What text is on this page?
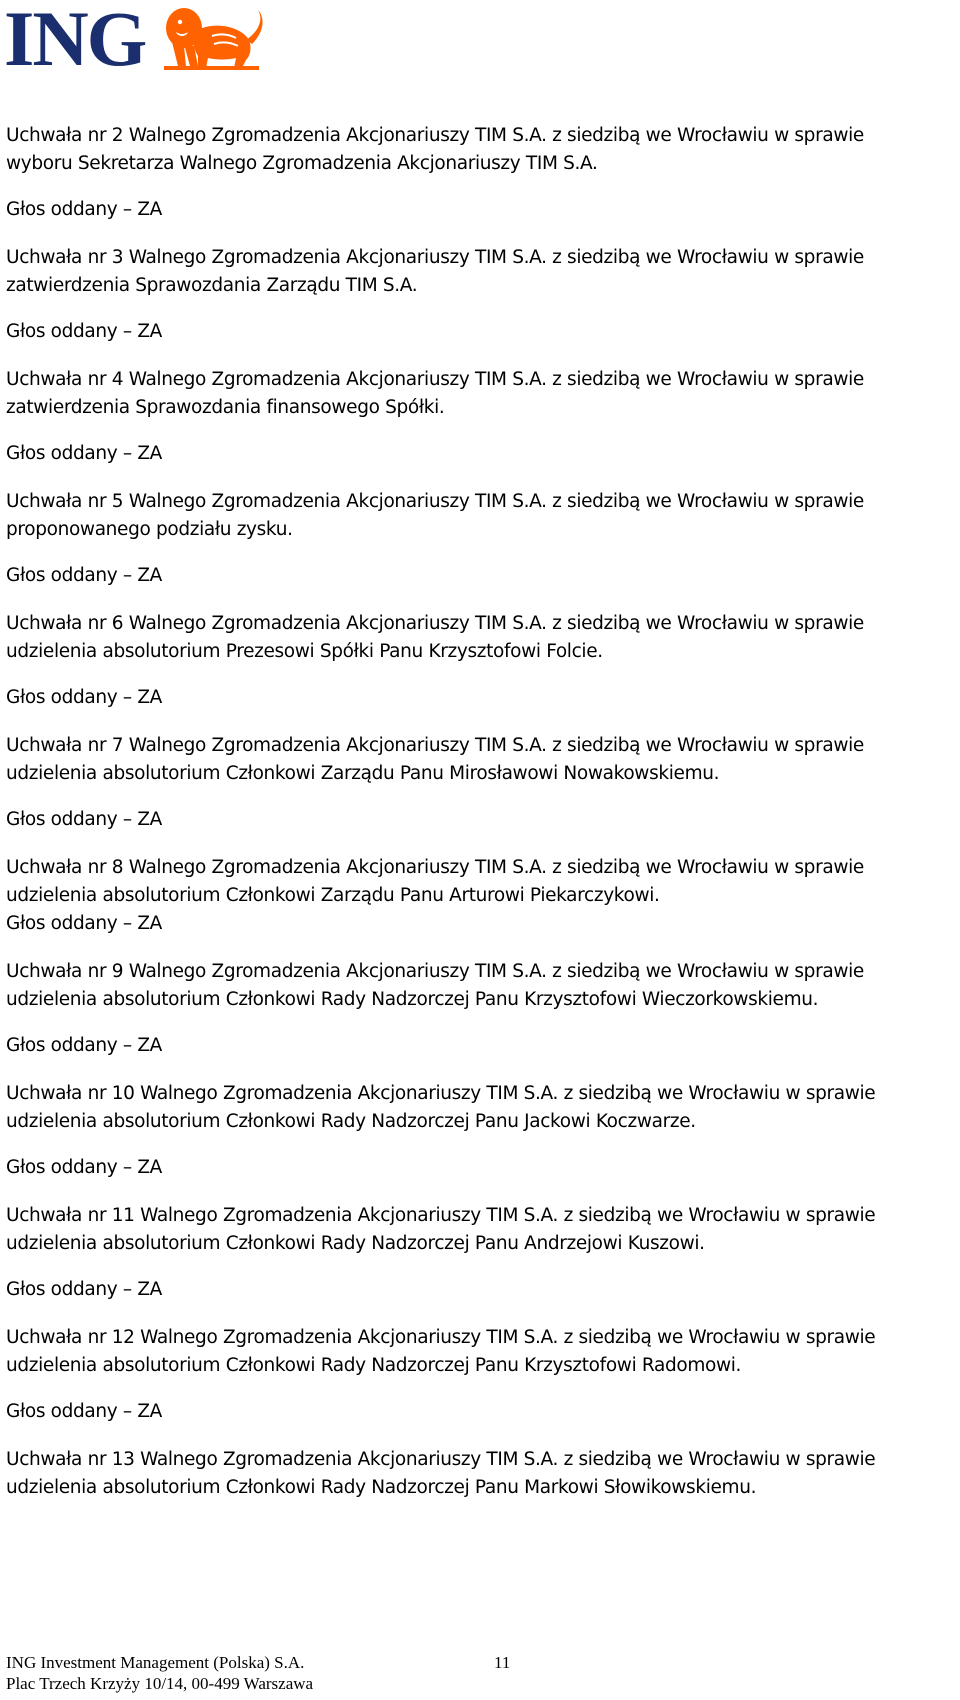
ING

Uchwała nr 2 Walnego Zgromadzenia Akcjonariuszy TIM S.A. z siedzibą we Wrocławiu w sprawie
wyboru Sekretarza Walnego Zgromadzenia Akcjonariuszy TIM S.A.

Głos oddany – ZA

Uchwała nr 3 Walnego Zgromadzenia Akcjonariuszy TIM S.A. z siedzibą we Wrocławiu w sprawie
zatwierdzenia Sprawozdania Zarządu TIM S.A.

Głos oddany – ZA

Uchwała nr 4 Walnego Zgromadzenia Akcjonariuszy TIM S.A. z siedzibą we Wrocławiu w sprawie
zatwierdzenia Sprawozdania finansowego Spółki.

Głos oddany – ZA

Uchwała nr 5 Walnego Zgromadzenia Akcjonariuszy TIM S.A. z siedzibą we Wrocławiu w sprawie
proponowanego podziału zysku.

Głos oddany – ZA

Uchwała nr 6 Walnego Zgromadzenia Akcjonariuszy TIM S.A. z siedzibą we Wrocławiu w sprawie
udzielenia absolutorium Prezesowi Spółki Panu Krzysztofowi Folcie.

Głos oddany – ZA

Uchwała nr 7 Walnego Zgromadzenia Akcjonariuszy TIM S.A. z siedzibą we Wrocławiu w sprawie
udzielenia absolutorium Członkowi Zarządu Panu Mirosławowi Nowakowskiemu.

Głos oddany – ZA

Uchwała nr 8 Walnego Zgromadzenia Akcjonariuszy TIM S.A. z siedzibą we Wrocławiu w sprawie
udzielenia absolutorium Członkowi Zarządu Panu Arturowi Piekarczykowi.

Głos oddany – ZA

Uchwała nr 9 Walnego Zgromadzenia Akcjonariuszy TIM S.A. z siedzibą we Wrocławiu w sprawie
udzielenia absolutorium Członkowi Rady Nadzorczej Panu Krzysztofowi Wieczorkowskiemu.

Głos oddany – ZA

Uchwała nr 10 Walnego Zgromadzenia Akcjonariuszy TIM S.A. z siedzibą we Wrocławiu w sprawie
udzielenia absolutorium Członkowi Rady Nadzorczej Panu Jackowi Koczwarze.

Głos oddany – ZA

Uchwała nr 11 Walnego Zgromadzenia Akcjonariuszy TIM S.A. z siedzibą we Wrocławiu w sprawie
udzielenia absolutorium Członkowi Rady Nadzorczej Panu Andrzejowi Kuszowi.

Głos oddany – ZA

Uchwała nr 12 Walnego Zgromadzenia Akcjonariuszy TIM S.A. z siedzibą we Wrocławiu w sprawie
udzielenia absolutorium Członkowi Rady Nadzorczej Panu Krzysztofowi Radomowi.

Głos oddany – ZA

Uchwała nr 13 Walnego Zgromadzenia Akcjonariuszy TIM S.A. z siedzibą we Wrocławiu w sprawie
udzielenia absolutorium Członkowi Rady Nadzorczej Panu Markowi Słowikowskiemu.

ING Investment Management (Polska) S.A.
Plac Trzech Krzyży 10/14, 00-499 Warszawa
11
